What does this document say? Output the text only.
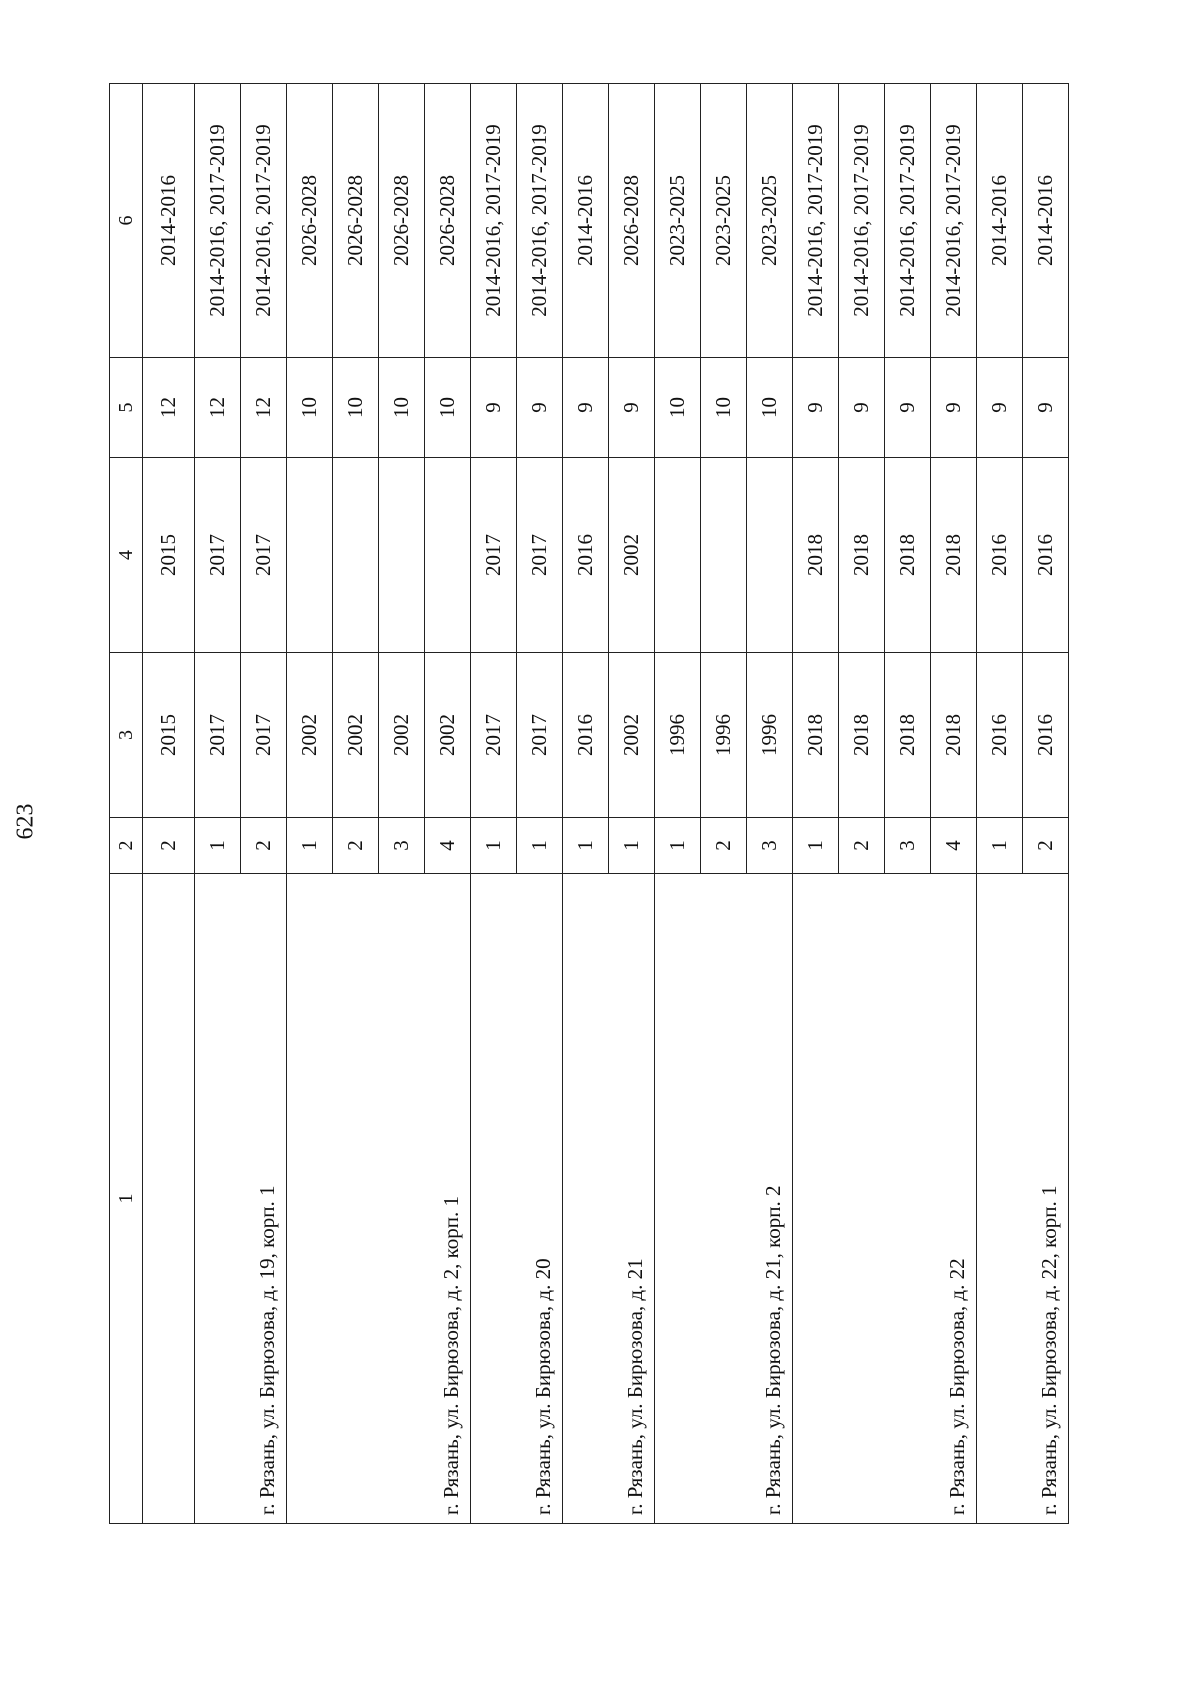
623
1	2	3	4	5	6
	2	2015	2015	12	2014-2016
г. Рязань, ул. Бирюзова, д. 19, корп. 1	1	2017	2017	12	2014-2016, 2017-2019
	2	2017	2017	12	2014-2016, 2017-2019
г. Рязань, ул. Бирюзова, д. 2, корп. 1	1	2002		10	2026-2028
	2	2002		10	2026-2028
	3	2002		10	2026-2028
	4	2002		10	2026-2028
г. Рязань, ул. Бирюзова, д. 20	1	2017	2017	9	2014-2016, 2017-2019
	1	2017	2017	9	2014-2016, 2017-2019
г. Рязань, ул. Бирюзова, д. 21	1	2016	2016	9	2014-2016
	1	2002	2002	9	2026-2028
г. Рязань, ул. Бирюзова, д. 21, корп. 2	1	1996		10	2023-2025
	2	1996		10	2023-2025
	3	1996		10	2023-2025
г. Рязань, ул. Бирюзова, д. 22	1	2018	2018	9	2014-2016, 2017-2019
	2	2018	2018	9	2014-2016, 2017-2019
	3	2018	2018	9	2014-2016, 2017-2019
	4	2018	2018	9	2014-2016, 2017-2019
г. Рязань, ул. Бирюзова, д. 22, корп. 1	1	2016	2016	9	2014-2016
	2	2016	2016	9	2014-2016
